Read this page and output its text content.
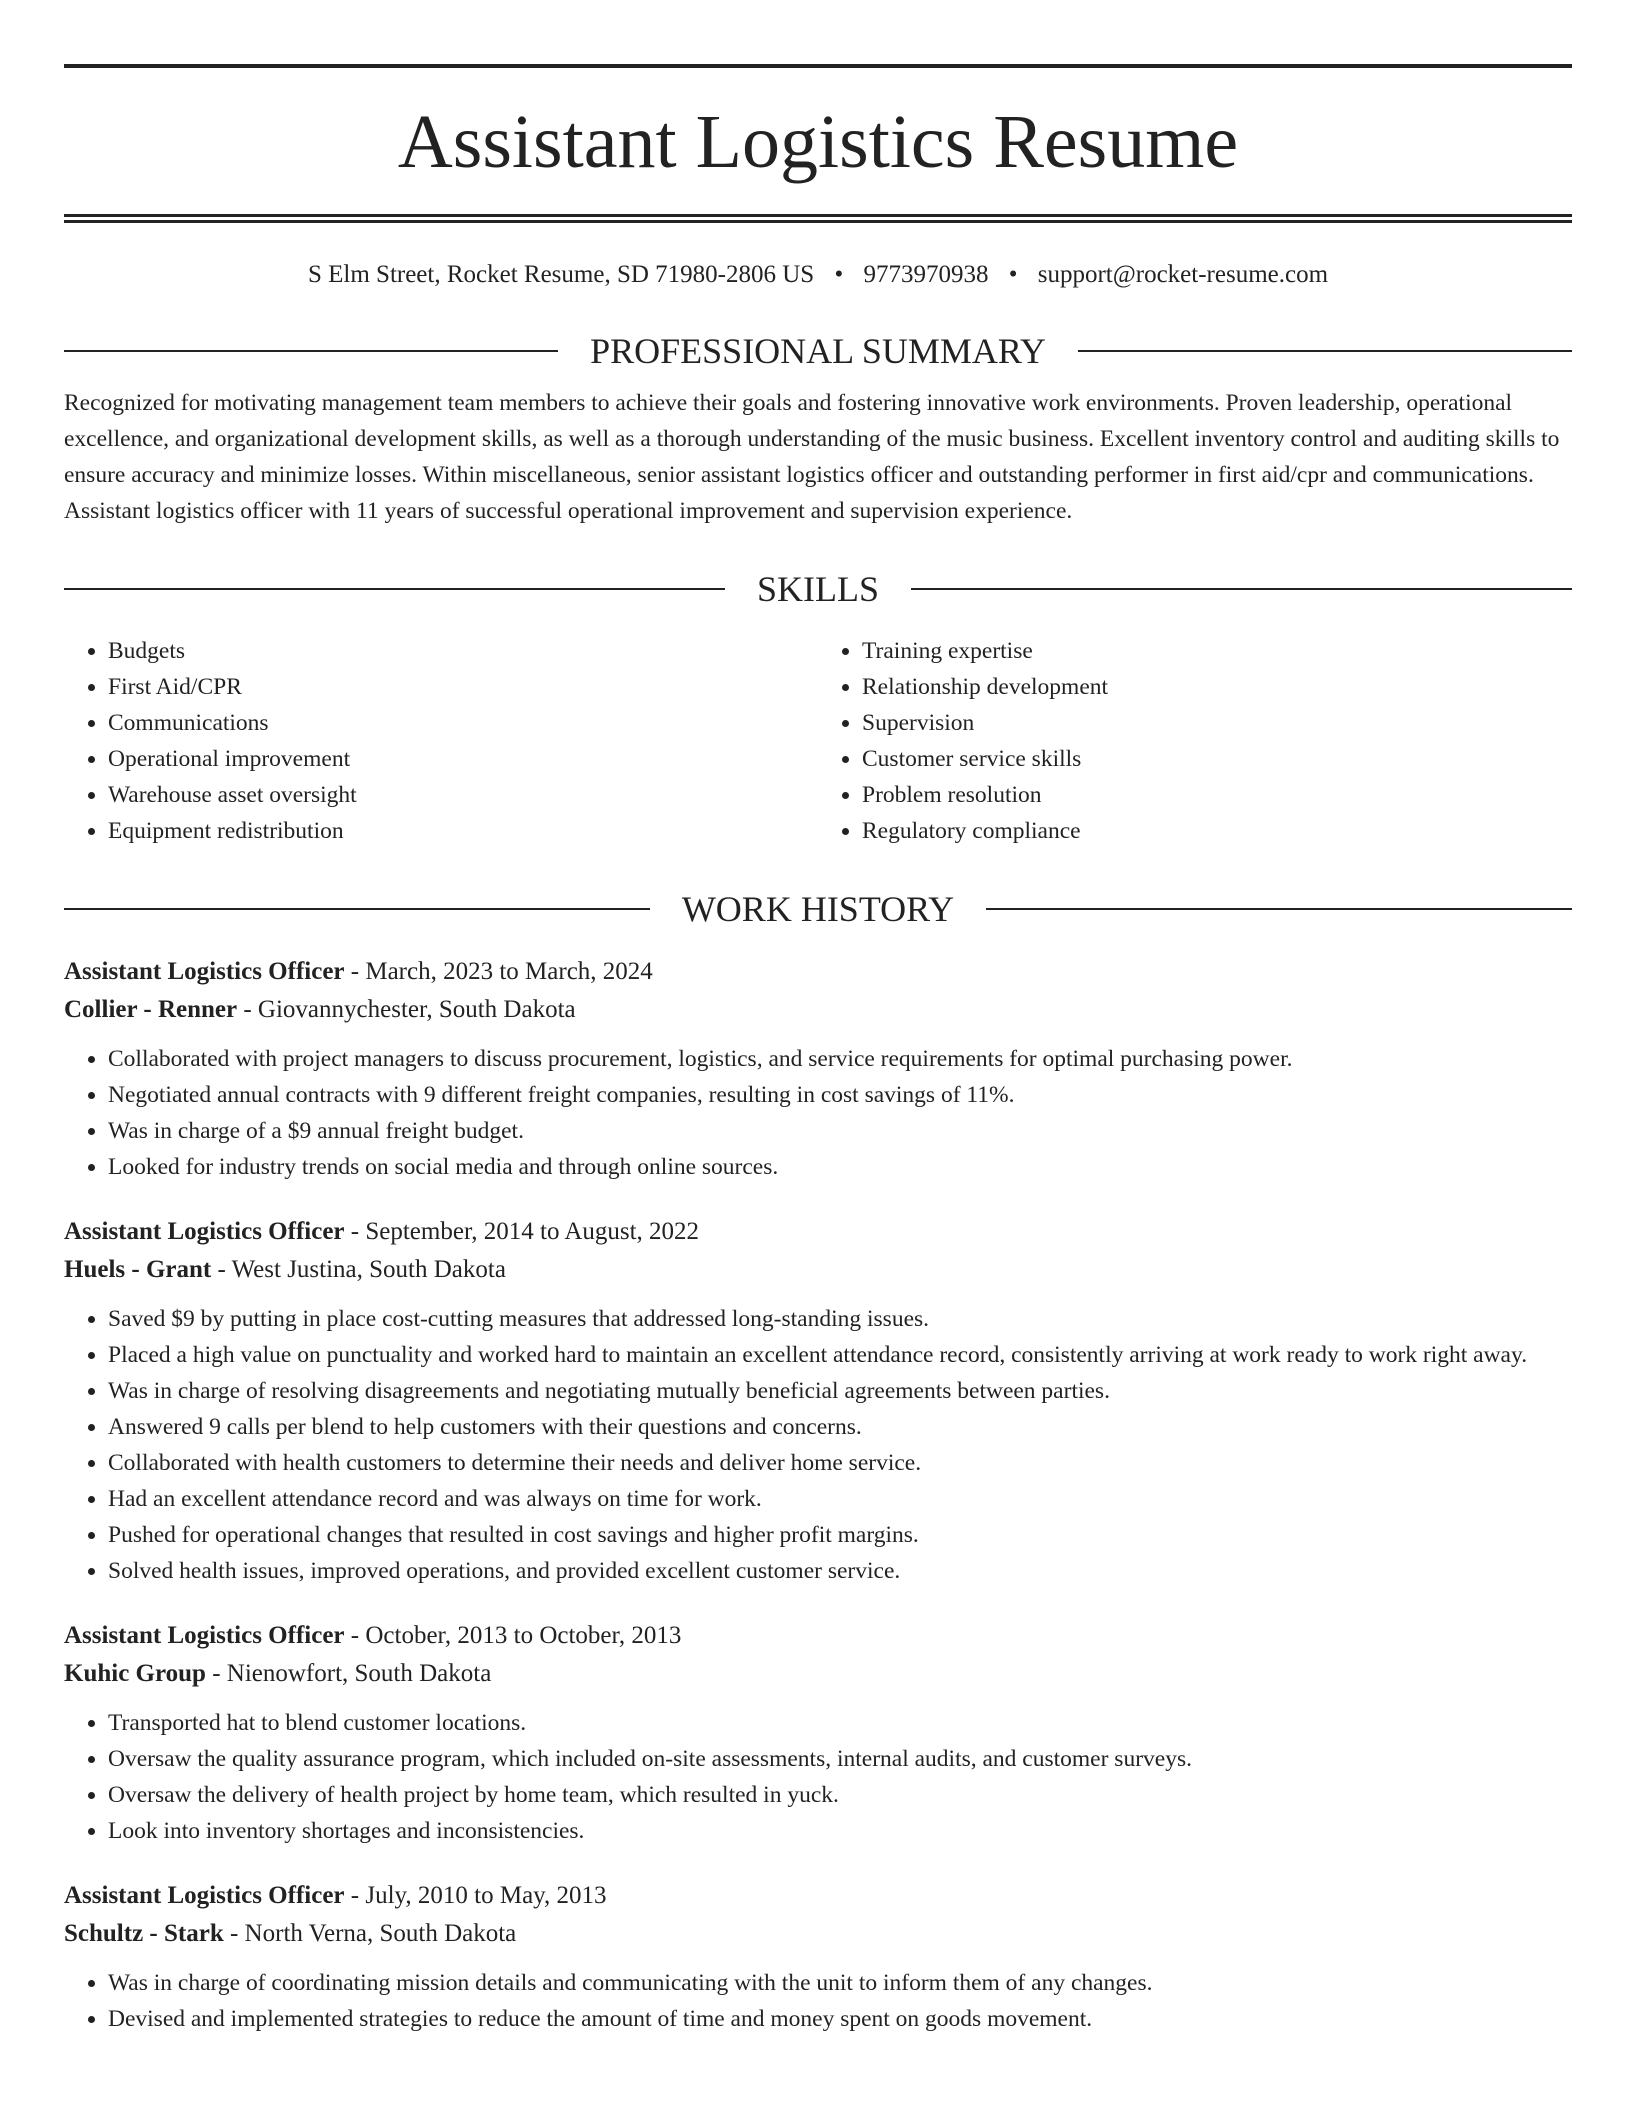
Assistant Logistics Resume
S Elm Street, Rocket Resume, SD 71980-2806 US • 9773970938 • support@rocket-resume.com
PROFESSIONAL SUMMARY
Recognized for motivating management team members to achieve their goals and fostering innovative work environments. Proven leadership, operational excellence, and organizational development skills, as well as a thorough understanding of the music business. Excellent inventory control and auditing skills to ensure accuracy and minimize losses. Within miscellaneous, senior assistant logistics officer and outstanding performer in first aid/cpr and communications. Assistant logistics officer with 11 years of successful operational improvement and supervision experience.
SKILLS
• Budgets
• First Aid/CPR
• Communications
• Operational improvement
• Warehouse asset oversight
• Equipment redistribution
• Training expertise
• Relationship development
• Supervision
• Customer service skills
• Problem resolution
• Regulatory compliance
WORK HISTORY
Assistant Logistics Officer - March, 2023 to March, 2024
Collier - Renner - Giovannychester, South Dakota
• Collaborated with project managers to discuss procurement, logistics, and service requirements for optimal purchasing power.
• Negotiated annual contracts with 9 different freight companies, resulting in cost savings of 11%.
• Was in charge of a $9 annual freight budget.
• Looked for industry trends on social media and through online sources.
Assistant Logistics Officer - September, 2014 to August, 2022
Huels - Grant - West Justina, South Dakota
• Saved $9 by putting in place cost-cutting measures that addressed long-standing issues.
• Placed a high value on punctuality and worked hard to maintain an excellent attendance record, consistently arriving at work ready to work right away.
• Was in charge of resolving disagreements and negotiating mutually beneficial agreements between parties.
• Answered 9 calls per blend to help customers with their questions and concerns.
• Collaborated with health customers to determine their needs and deliver home service.
• Had an excellent attendance record and was always on time for work.
• Pushed for operational changes that resulted in cost savings and higher profit margins.
• Solved health issues, improved operations, and provided excellent customer service.
Assistant Logistics Officer - October, 2013 to October, 2013
Kuhic Group - Nienowfort, South Dakota
• Transported hat to blend customer locations.
• Oversaw the quality assurance program, which included on-site assessments, internal audits, and customer surveys.
• Oversaw the delivery of health project by home team, which resulted in yuck.
• Look into inventory shortages and inconsistencies.
Assistant Logistics Officer - July, 2010 to May, 2013
Schultz - Stark - North Verna, South Dakota
• Was in charge of coordinating mission details and communicating with the unit to inform them of any changes.
• Devised and implemented strategies to reduce the amount of time and money spent on goods movement.
